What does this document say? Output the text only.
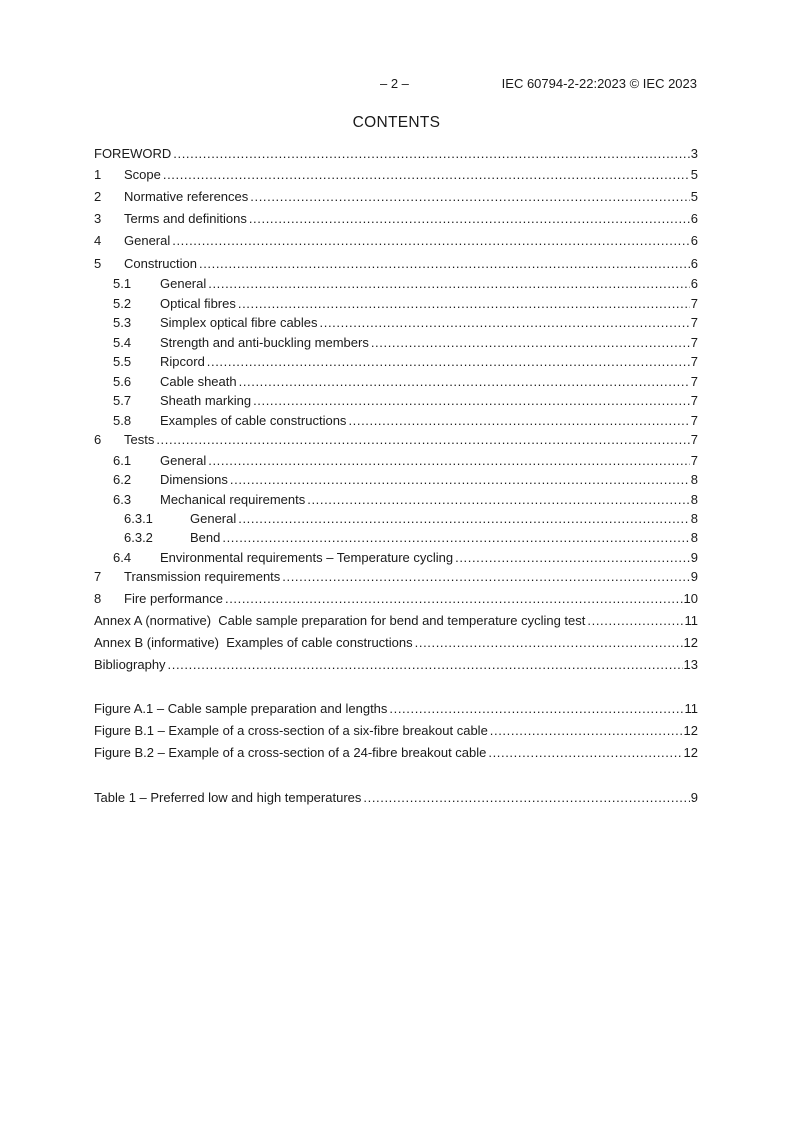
– 2 –	IEC 60794-2-22:2023 © IEC 2023
CONTENTS
FOREWORD .....	3
1	Scope .....	5
2	Normative references .....	5
3	Terms and definitions .....	6
4	General .....	6
5	Construction .....	6
5.1	General .....	6
5.2	Optical fibres .....	7
5.3	Simplex optical fibre cables .....	7
5.4	Strength and anti-buckling members .....	7
5.5	Ripcord .....	7
5.6	Cable sheath .....	7
5.7	Sheath marking .....	7
5.8	Examples of cable constructions .....	7
6	Tests .....	7
6.1	General .....	7
6.2	Dimensions .....	8
6.3	Mechanical requirements .....	8
6.3.1	General .....	8
6.3.2	Bend .....	8
6.4	Environmental requirements – Temperature cycling .....	9
7	Transmission requirements .....	9
8	Fire performance .....	10
Annex A (normative)  Cable sample preparation for bend and temperature cycling test .....	11
Annex B (informative)  Examples of cable constructions .....	12
Bibliography .....	13
Figure A.1 – Cable sample preparation and lengths .....	11
Figure B.1 – Example of a cross-section of a six-fibre breakout cable .....	12
Figure B.2 – Example of a cross-section of a 24-fibre breakout cable .....	12
Table 1 – Preferred low and high temperatures .....	9
